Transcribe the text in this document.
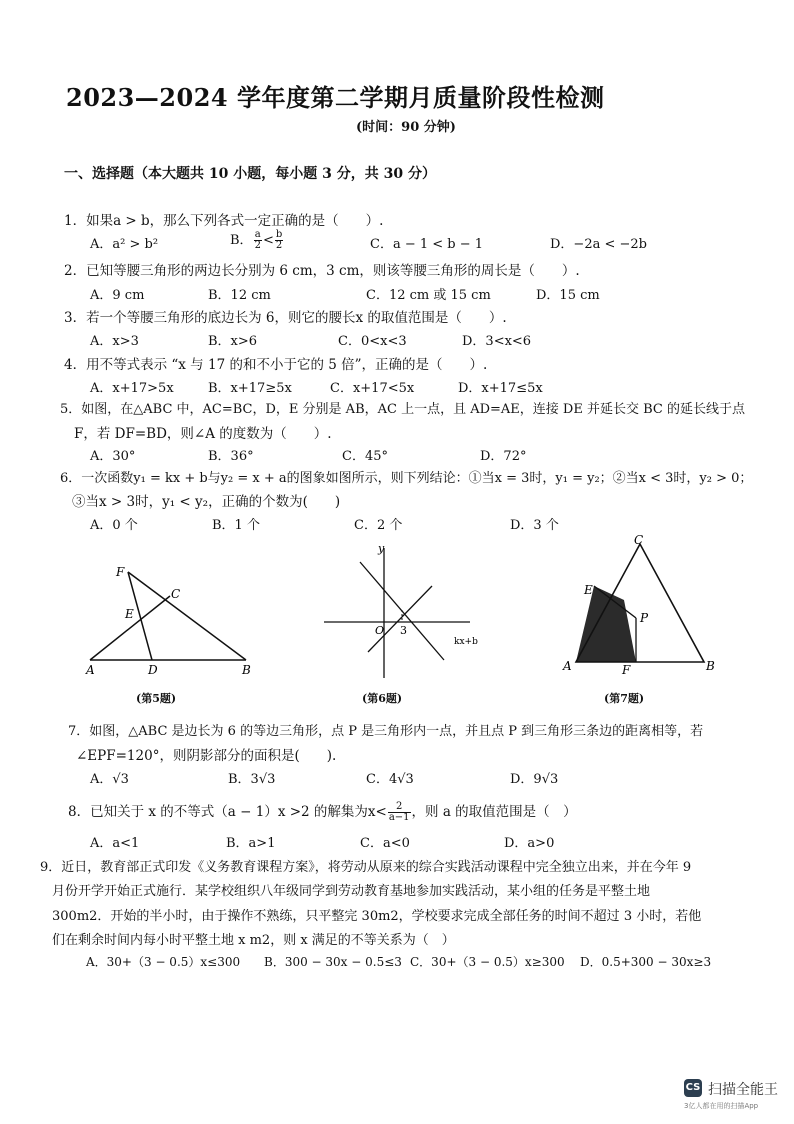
2023—2024 学年度第二学期月质量阶段性检测
(时间：90 分钟)
一、选择题（本大题共 10 小题，每小题 3 分，共 30 分）
1．如果a > b，那么下列各式一定正确的是（　　）.
A．a² > b²	B． $\frac{a}{2} < \frac{b}{2}$	C．a − 1 < b − 1	D．−2a < −2b
2．已知等腰三角形的两边长分别为 6 cm，3 cm，则该等腰三角形的周长是（　　）.
A．9 cm	B．12 cm	C．12 cm 或 15 cm	D．15 cm
3．若一个等腰三角形的底边长为 6，则它的腰长x 的取值范围是（　　）.
A．x>3	B．x>6	C．0<x<3	D．3<x<6
4．用不等式表示 “x 与 17 的和不小于它的 5 倍”，正确的是（　　）.
A．x+17>5x	B．x+17≥5x	C．x+17<5x	D．x+17≤5x
5．如图，在△ABC 中，AC=BC，D，E 分别是 AB，AC 上一点，且 AD=AE，连接 DE 并延长交 BC 的延长线于点
F，若 DF=BD，则∠A 的度数为（　　）.
A．30°	B．36°	C．45°	D．72°
6．一次函数y₁ = kx + b与y₂ = x + a的图象如图所示，则下列结论：①当x = 3时，y₁ = y₂；②当x < 3时，y₂ > 0；
③当x > 3时，y₁ < y₂，正确的个数为(　　)
A．0 个	B．1 个	C．2 个	D．3 个
A	B
C
D
E
F
(第5题)
y
O 3
kx+b
(第6题)
C
A	B
E
P
F
(第7题)
7．如图，△ABC 是边长为 6 的等边三角形，点 P 是三角形内一点，并且点 P 到三角形三条边的距离相等，若
∠EPF=120°，则阴影部分的面积是(　　).
A．√3	B．3√3	C．4√3	D．9√3
8．已知关于 x 的不等式（a − 1）x >2 的解集为$x< \frac{2}{a-1}$ ，则 a 的取值范围是（　）
A．a<1	B．a>1	C．a<0	D．a>0
9．近日，教育部正式印发《义务教育课程方案》，将劳动从原来的综合实践活动课程中完全独立出来，并在今年 9
月份开学开始正式施行．某学校组织八年级同学到劳动教育基地参加实践活动，某小组的任务是平整土地
300m2．开始的半小时，由于操作不熟练，只平整完 30m2，学校要求完成全部任务的时间不超过 3 小时，若他
们在剩余时间内每小时平整土地 x m2，则 x 满足的不等关系为（　）
A．30+（3 − 0.5）x≤300 B．300 − 30x − 0.5≤3 C．30+（3 − 0.5）x≥300 D．0.5+300 − 30x≥3
CS 扫描全能王
3亿人都在用的扫描App
